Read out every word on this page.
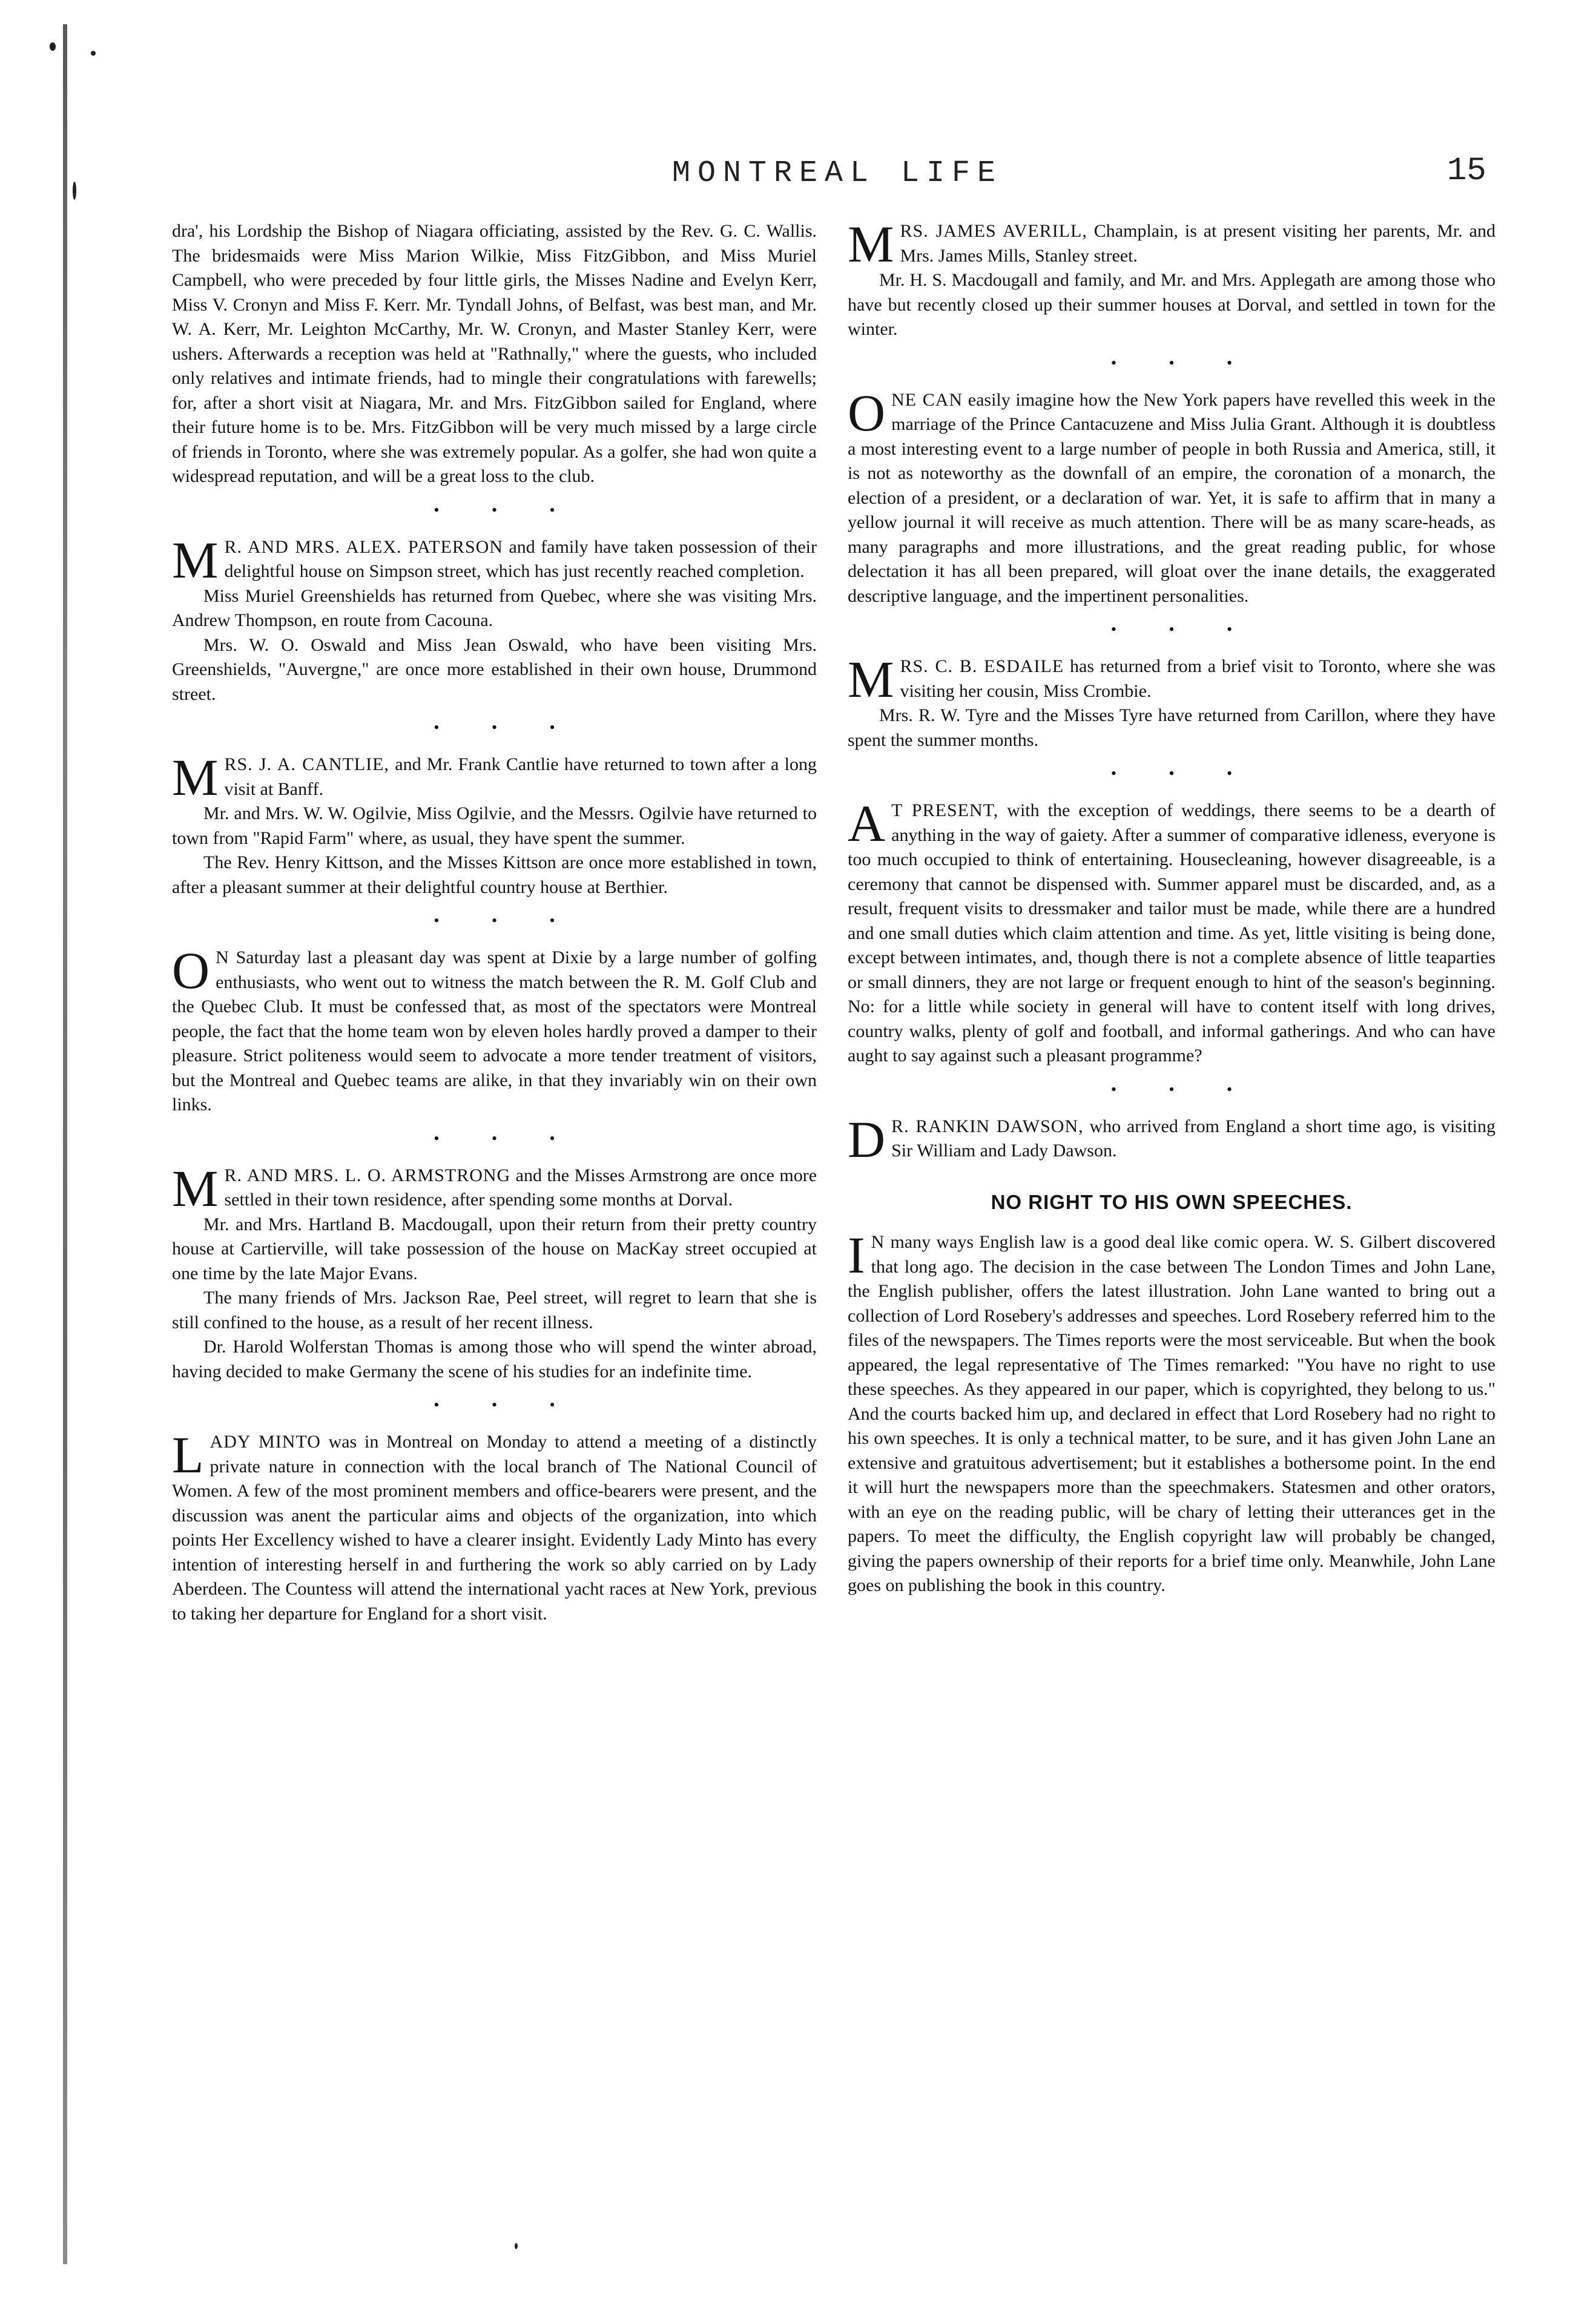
MONTREAL LIFE	15

dra', his Lordship the Bishop of Niagara officiating, assisted by the Rev. G. C. Wallis. The bridesmaids were Miss Marion Wilkie, Miss FitzGibbon, and Miss Muriel Campbell, who were preceded by four little girls, the Misses Nadine and Evelyn Kerr, Miss V. Cronyn and Miss F. Kerr. Mr. Tyndall Johns, of Belfast, was best man, and Mr. W. A. Kerr, Mr. Leighton McCarthy, Mr. W. Cronyn, and Master Stanley Kerr, were ushers. Afterwards a reception was held at "Rathnally," where the guests, who included only relatives and intimate friends, had to mingle their congratulations with farewells; for, after a short visit at Niagara, Mr. and Mrs. FitzGibbon sailed for England, where their future home is to be. Mrs. FitzGibbon will be very much missed by a large circle of friends in Toronto, where she was extremely popular. As a golfer, she had won quite a widespread reputation, and will be a great loss to the club.

• • •

M R. AND MRS. ALEX. PATERSON and family have taken possession of their delightful house on Simpson street, which has just recently reached completion.

Miss Muriel Greenshields has returned from Quebec, where she was visiting Mrs. Andrew Thompson, en route from Cacouna.

Mrs. W. O. Oswald and Miss Jean Oswald, who have been visiting Mrs. Greenshields, "Auvergne," are once more established in their own house, Drummond street.

• • •

MRS. J. A. CANTLIE, and Mr. Frank Cantlie have returned to town after a long visit at Banff.

Mr. and Mrs. W. W. Ogilvie, Miss Ogilvie, and the Messrs. Ogilvie have returned to town from "Rapid Farm" where, as usual, they have spent the summer.

The Rev. Henry Kittson, and the Misses Kittson are once more established in town, after a pleasant summer at their delightful country house at Berthier.

• • •

O N Saturday last a pleasant day was spent at Dixie by a large number of golfing enthusiasts, who went out to witness the match between the R. M. Golf Club and the Quebec Club. It must be confessed that, as most of the spectators were Montreal people, the fact that the home team won by eleven holes hardly proved a damper to their pleasure. Strict politeness would seem to advocate a more tender treatment of visitors, but the Montreal and Quebec teams are alike, in that they invariably win on their own links.

• • •

M R. AND MRS. L. O. ARMSTRONG and the Misses Armstrong are once more settled in their town residence, after spending some months at Dorval.

Mr. and Mrs. Hartland B. Macdougall, upon their return from their pretty country house at Cartierville, will take possession of the house on MacKay street occupied at one time by the late Major Evans.

The many friends of Mrs. Jackson Rae, Peel street, will regret to learn that she is still confined to the house, as a result of her recent illness.

Dr. Harold Wolferstan Thomas is among those who will spend the winter abroad, having decided to make Germany the scene of his studies for an indefinite time.

• • •

LADY MINTO was in Montreal on Monday to attend a meeting of a distinctly private nature in connection with the local branch of The National Council of Women. A few of the most prominent members and office-bearers were present, and the discussion was anent the particular aims and objects of the organization, into which points Her Excellency wished to have a clearer insight. Evidently Lady Minto has every intention of interesting herself in and furthering the work so ably carried on by Lady Aberdeen. The Countess will attend the international yacht races at New York, previous to taking her departure for England for a short visit.

MRS. JAMES AVERILL, Champlain, is at present visiting her parents, Mr. and Mrs. James Mills, Stanley street.

Mr. H. S. Macdougall and family, and Mr. and Mrs. Applegath are among those who have but recently closed up their summer houses at Dorval, and settled in town for the winter.

• • •

ONE CAN easily imagine how the New York papers have revelled this week in the marriage of the Prince Cantacuzene and Miss Julia Grant. Although it is doubtless a most interesting event to a large number of people in both Russia and America, still, it is not as noteworthy as the downfall of an empire, the coronation of a monarch, the election of a president, or a declaration of war. Yet, it is safe to affirm that in many a yellow journal it will receive as much attention. There will be as many scare-heads, as many paragraphs and more illustrations, and the great reading public, for whose delectation it has all been prepared, will gloat over the inane details, the exaggerated descriptive language, and the impertinent personalities.

• • •

MRS. C. B. ESDAILE has returned from a brief visit to Toronto, where she was visiting her cousin, Miss Crombie.

Mrs. R. W. Tyre and the Misses Tyre have returned from Carillon, where they have spent the summer months.

• • •

A T PRESENT, with the exception of weddings, there seems to be a dearth of anything in the way of gaiety. After a summer of comparative idleness, everyone is too much occupied to think of entertaining. Housecleaning, however disagreeable, is a ceremony that cannot be dispensed with. Summer apparel must be discarded, and, as a result, frequent visits to dressmaker and tailor must be made, while there are a hundred and one small duties which claim attention and time. As yet, little visiting is being done, except between intimates, and, though there is not a complete absence of little teaparties or small dinners, they are not large or frequent enough to hint of the season's beginning. No: for a little while society in general will have to content itself with long drives, country walks, plenty of golf and football, and informal gatherings. And who can have aught to say against such a pleasant programme?

• • •

D R. RANKIN DAWSON, who arrived from England a short time ago, is visiting Sir William and Lady Dawson.

NO RIGHT TO HIS OWN SPEECHES.

I N many ways English law is a good deal like comic opera. W. S. Gilbert discovered that long ago. The decision in the case between The London Times and John Lane, the English publisher, offers the latest illustration. John Lane wanted to bring out a collection of Lord Rosebery's addresses and speeches. Lord Rosebery referred him to the files of the newspapers. The Times reports were the most serviceable. But when the book appeared, the legal representative of The Times remarked: "You have no right to use these speeches. As they appeared in our paper, which is copyrighted, they belong to us." And the courts backed him up, and declared in effect that Lord Rosebery had no right to his own speeches. It is only a technical matter, to be sure, and it has given John Lane an extensive and gratuitous advertisement; but it establishes a bothersome point. In the end it will hurt the newspapers more than the speechmakers. Statesmen and other orators, with an eye on the reading public, will be chary of letting their utterances get in the papers. To meet the difficulty, the English copyright law will probably be changed, giving the papers ownership of their reports for a brief time only. Meanwhile, John Lane goes on publishing the book in this country.
